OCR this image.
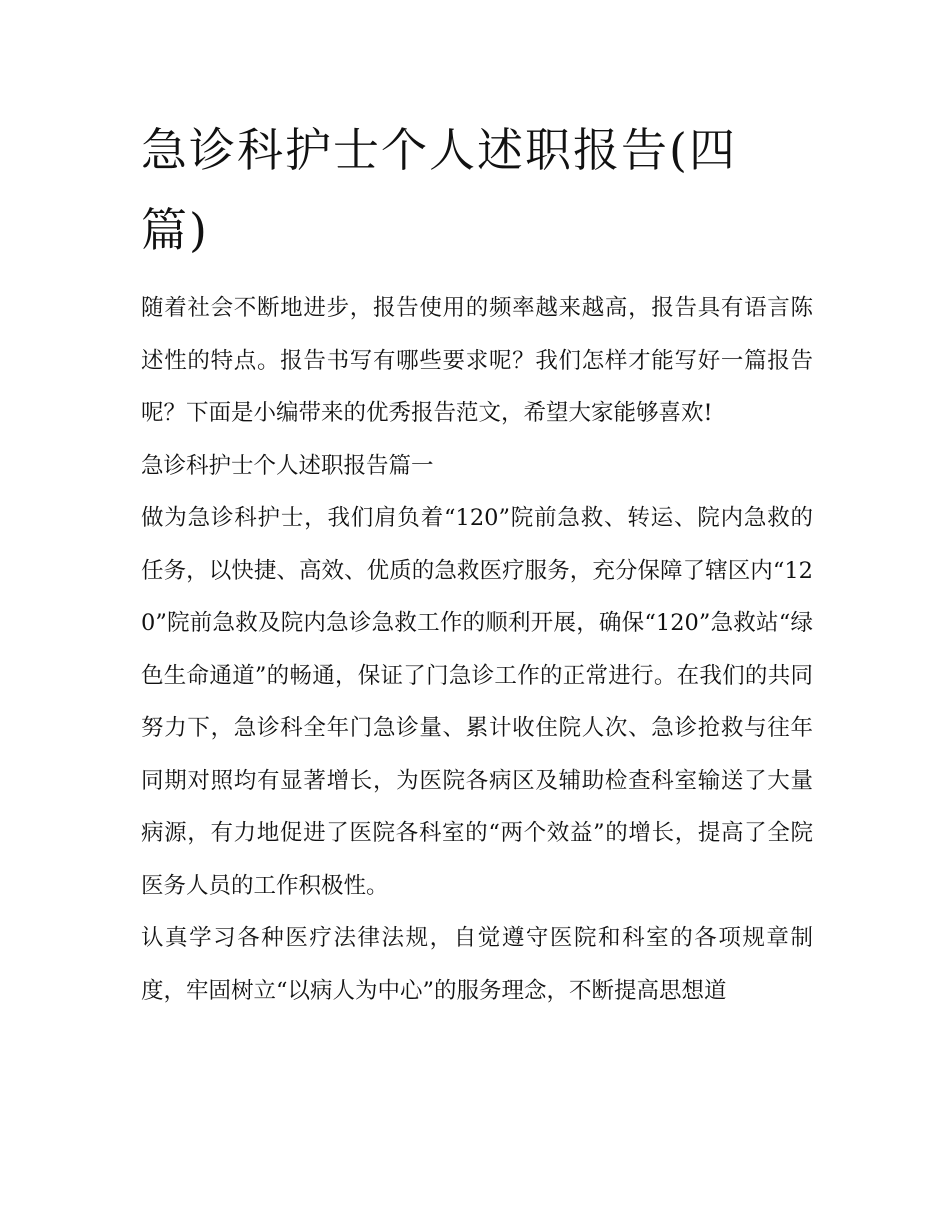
急诊科护士个人述职报告(四篇)

随着社会不断地进步，报告使用的频率越来越高，报告具有语言陈述性的特点。报告书写有哪些要求呢？我们怎样才能写好一篇报告呢？下面是小编带来的优秀报告范文，希望大家能够喜欢!

急诊科护士个人述职报告篇一

做为急诊科护士，我们肩负着“120”院前急救、转运、院内急救的任务，以快捷、高效、优质的急救医疗服务，充分保障了辖区内“120”院前急救及院内急诊急救工作的顺利开展，确保“120”急救站“绿色生命通道”的畅通，保证了门急诊工作的正常进行。在我们的共同努力下，急诊科全年门急诊量、累计收住院人次、急诊抢救与往年同期对照均有显著增长，为医院各病区及辅助检查科室输送了大量病源，有力地促进了医院各科室的“两个效益”的增长，提高了全院医务人员的工作积极性。

认真学习各种医疗法律法规，自觉遵守医院和科室的各项规章制度，牢固树立“以病人为中心”的服务理念，不断提高思想道
